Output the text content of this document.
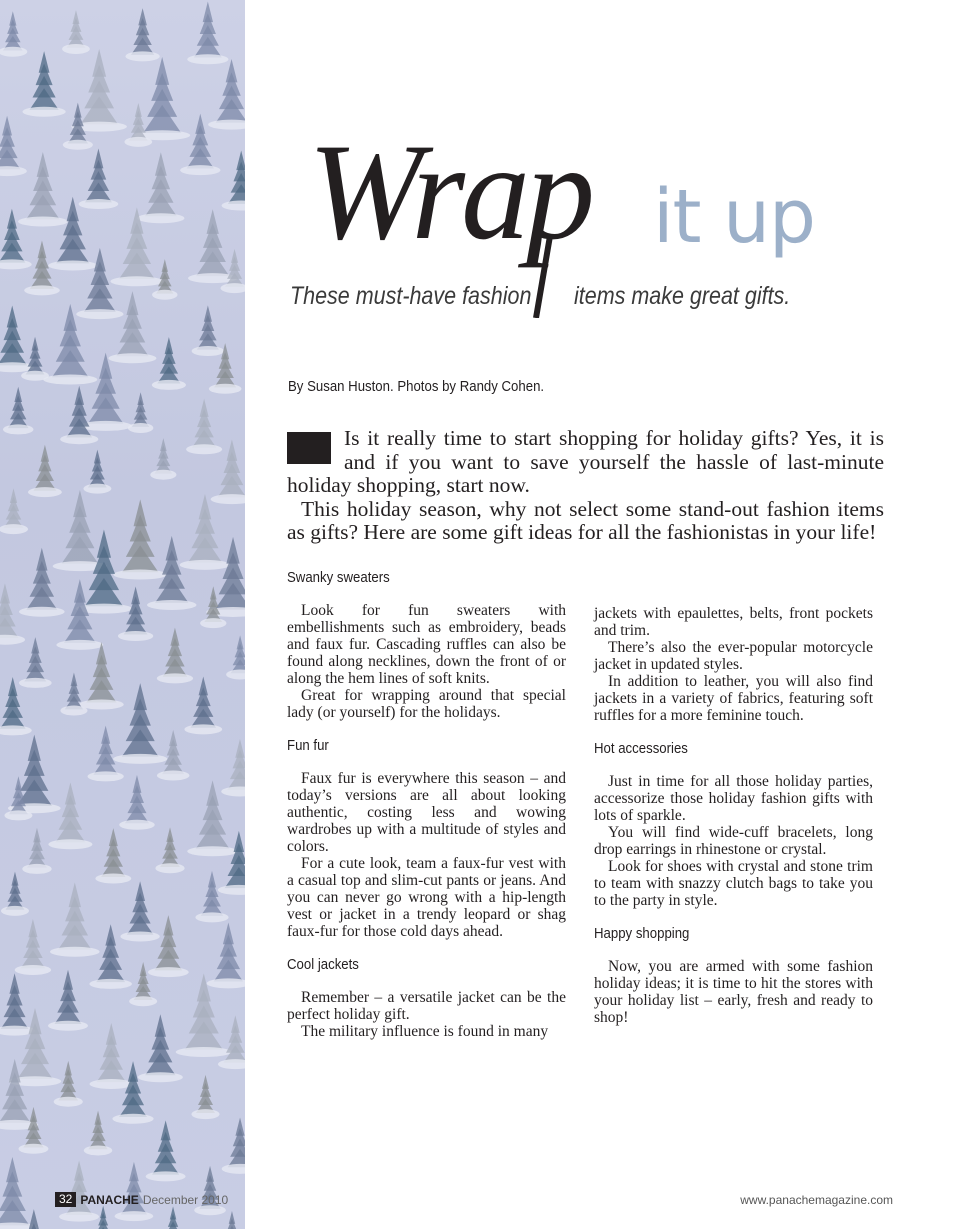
Wrap it up
These must-have fashion items make great gifts.
By Susan Huston. Photos by Randy Cohen.

Is it really time to start shopping for holiday gifts? Yes, it is and if you want to save yourself the hassle of last-minute holiday shopping, start now.

This holiday season, why not select some stand-out fashion items as gifts? Here are some gift ideas for all the fashionistas in your life!

Swanky sweaters

Look for fun sweaters with embellishments such as embroidery, beads and faux fur. Cascading ruffles can also be found along necklines, down the front of or along the hem lines of soft knits.

Great for wrapping around that special lady (or yourself) for the holidays.

Fun fur

Faux fur is everywhere this season – and today’s versions are all about looking authentic, costing less and wowing wardrobes up with a multitude of styles and colors.

For a cute look, team a faux-fur vest with a casual top and slim-cut pants or jeans. And you can never go wrong with a hip-length vest or jacket in a trendy leopard or shag faux-fur for those cold days ahead.

Cool jackets

Remember – a versatile jacket can be the perfect holiday gift.

The military influence is found in many

jackets with epaulettes, belts, front pockets and trim.

There’s also the ever-popular motorcycle jacket in updated styles.

In addition to leather, you will also find jackets in a variety of fabrics, featuring soft ruffles for a more feminine touch.

Hot accessories

Just in time for all those holiday parties, accessorize those holiday fashion gifts with lots of sparkle.

You will find wide-cuff bracelets, long drop earrings in rhinestone or crystal.

Look for shoes with crystal and stone trim to team with snazzy clutch bags to take you to the party in style.

Happy shopping

Now, you are armed with some fashion holiday ideas; it is time to hit the stores with your holiday list – early, fresh and ready to shop!

32 PANACHE December 2010	www.panachemagazine.com
